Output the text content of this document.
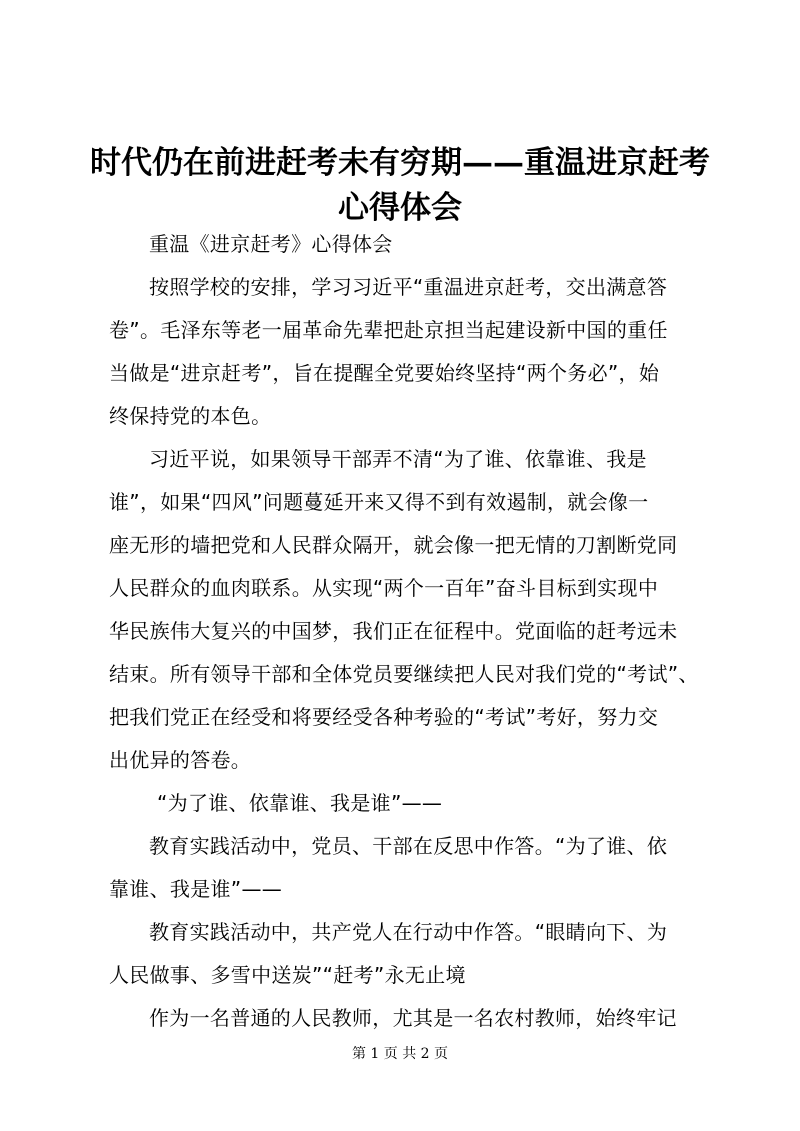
时代仍在前进赶考未有穷期——重温进京赶考
心得体会

重温《进京赶考》心得体会

按照学校的安排，学习习近平“重温进京赶考，交出满意答

卷”。毛泽东等老一届革命先辈把赴京担当起建设新中国的重任

当做是“进京赶考”，旨在提醒全党要始终坚持“两个务必”，始

终保持党的本色。

习近平说，如果领导干部弄不清“为了谁、依靠谁、我是

谁”，如果“四风”问题蔓延开来又得不到有效遏制，就会像一

座无形的墙把党和人民群众隔开，就会像一把无情的刀割断党同

人民群众的血肉联系。从实现“两个一百年”奋斗目标到实现中

华民族伟大复兴的中国梦，我们正在征程中。党面临的赶考远未

结束。所有领导干部和全体党员要继续把人民对我们党的“考试”、

把我们党正在经受和将要经受各种考验的“考试”考好，努力交

出优异的答卷。

“为了谁、依靠谁、我是谁”——

教育实践活动中，党员、干部在反思中作答。“为了谁、依

靠谁、我是谁”——

教育实践活动中，共产党人在行动中作答。“眼睛向下、为

人民做事、多雪中送炭”“赶考”永无止境

作为一名普通的人民教师，尤其是一名农村教师，始终牢记

第 1 页 共 2 页
